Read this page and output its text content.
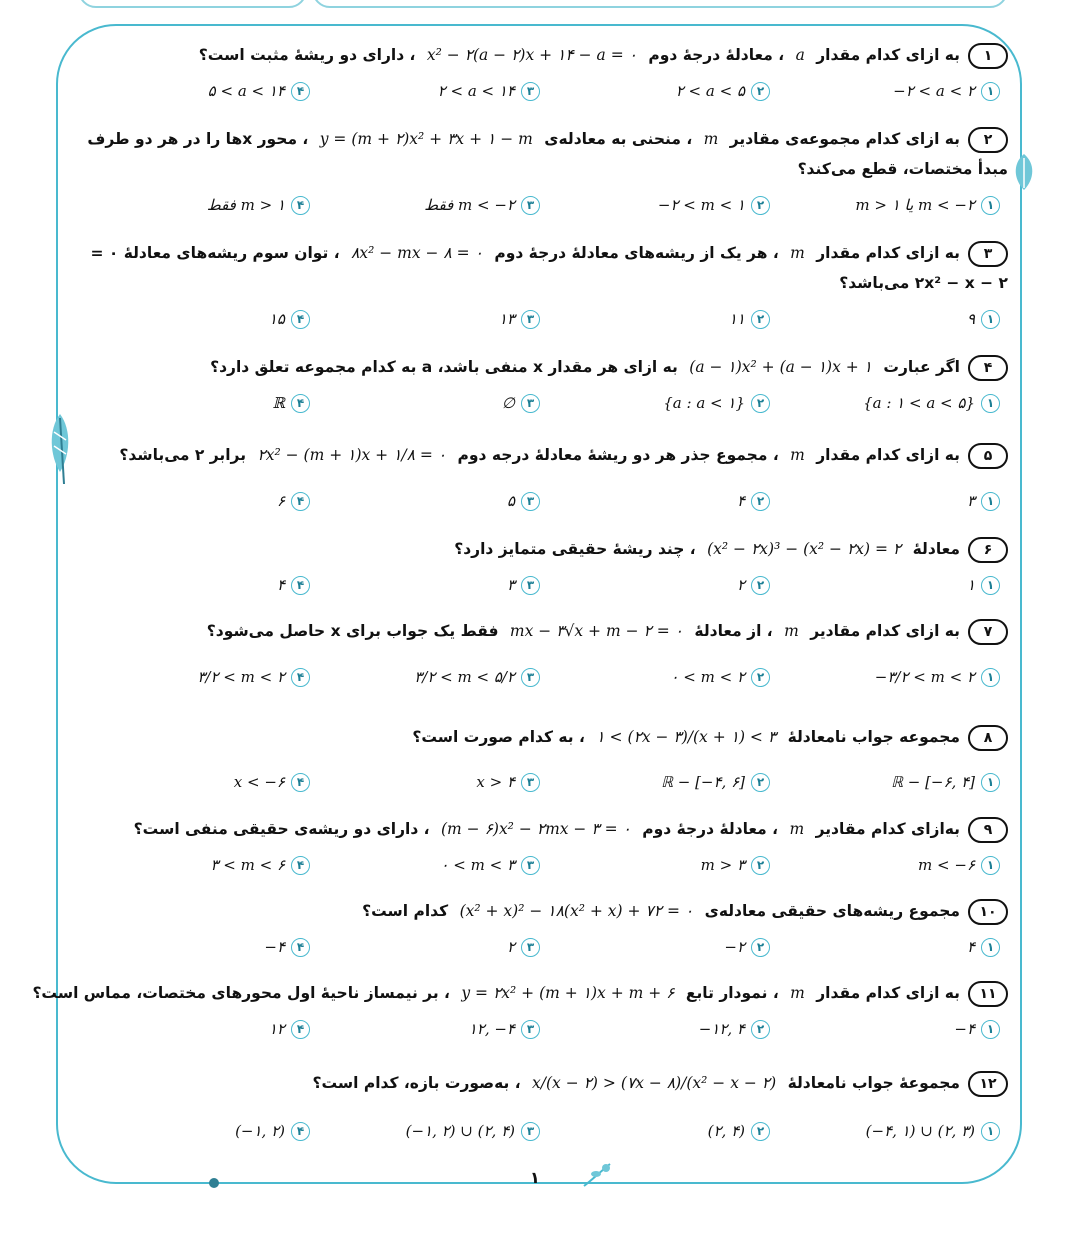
۱
۱به ازای کدام مقدار a ، معادلهٔ درجهٔ دوم x² − ۲(a − ۲)x + ۱۴ − a = ۰ ، دارای دو ریشهٔ مثبت است؟
۱−۲ < a < ۲
۲۲ < a < ۵
۳۲ < a < ۱۴
۴۵ < a < ۱۴
۲به ازای کدام مجموعه‌ی مقادیر m ، منحنی به معادله‌ی y = (m + ۲)x² + ۳x + ۱ − m ، محور xها را در هر دو طرف مبدأ مختصات، قطع می‌کند؟
۱m > ۱ یا m < −۲
۲−۲ < m < ۱
۳فقط m < −۲
۴فقط m > ۱
۳به ازای کدام مقدار m ، هر یک از ریشه‌های معادلهٔ درجهٔ دوم ۸x² − mx − ۸ = ۰ ، توان سوم ریشه‌های معادلهٔ ۰ = ۲x² − x − ۲ می‌باشد؟
۱۹
۲۱۱
۳۱۳
۴۱۵
۴اگر عبارت (a − ۱)x² + (a − ۱)x + ۱ به ازای هر مقدار x منفی باشد، a به کدام مجموعه تعلق دارد؟
۱{a : ۱ < a < ۵}
۲{a : a < ۱}
۳∅
۴ℝ
۵به ازای کدام مقدار m ، مجموع جذر هر دو ریشهٔ معادلهٔ درجه دوم ۲x² − (m + ۱)x + ۱/۸ = ۰ برابر ۲ می‌باشد؟
۱۳
۲۴
۳۵
۴۶
۶معادلهٔ (x² − ۲x)³ − (x² − ۲x) = ۲ ، چند ریشهٔ حقیقی متمایز دارد؟
۱۱
۲۲
۳۳
۴۴
۷به ازای کدام مقادیر m ، از معادلهٔ mx − ۳√x + m − ۲ = ۰ فقط یک جواب برای x حاصل می‌شود؟
۱−۳/۲ < m < ۲
۲۰ < m < ۲
۳۳/۲ < m < ۵/۲
۴۳/۲ < m < ۲
۸مجموعه جواب نامعادلهٔ ۱ < (۲x − ۳)/(x + ۱) < ۳ ، به کدام صورت است؟
۱ℝ − [−۶, ۴]
۲ℝ − [−۴, ۶]
۳x > ۴
۴x < −۶
۹به‌ازای کدام مقادیر m ، معادلهٔ درجهٔ دوم (m − ۶)x² − ۲mx − ۳ = ۰ ، دارای دو ریشه‌ی حقیقی منفی است؟
۱m < −۶
۲m > ۳
۳۰ < m < ۳
۴۳ < m < ۶
۱۰مجموع ریشه‌های حقیقی معادله‌ی (x² + x)² − ۱۸(x² + x) + ۷۲ = ۰ کدام است؟
۱۴
۲−۲
۳۲
۴−۴
۱۱به ازای کدام مقدار m ، نمودار تابع y = ۲x² + (m + ۱)x + m + ۶ ، بر نیمساز ناحیهٔ اول محورهای مختصات، مماس است؟
۱−۴
۲−۱۲, ۴
۳۱۲, −۴
۴۱۲
۱۲مجموعهٔ جواب نامعادلهٔ x/(x − ۲) > (۷x − ۸)/(x² − x − ۲) ، به‌صورت بازه، کدام است؟
۱(−۴, ۱) ∪ (۲, ۳)
۲(۲, ۴)
۳(−۱, ۲) ∪ (۲, ۴)
۴(−۱, ۲)
